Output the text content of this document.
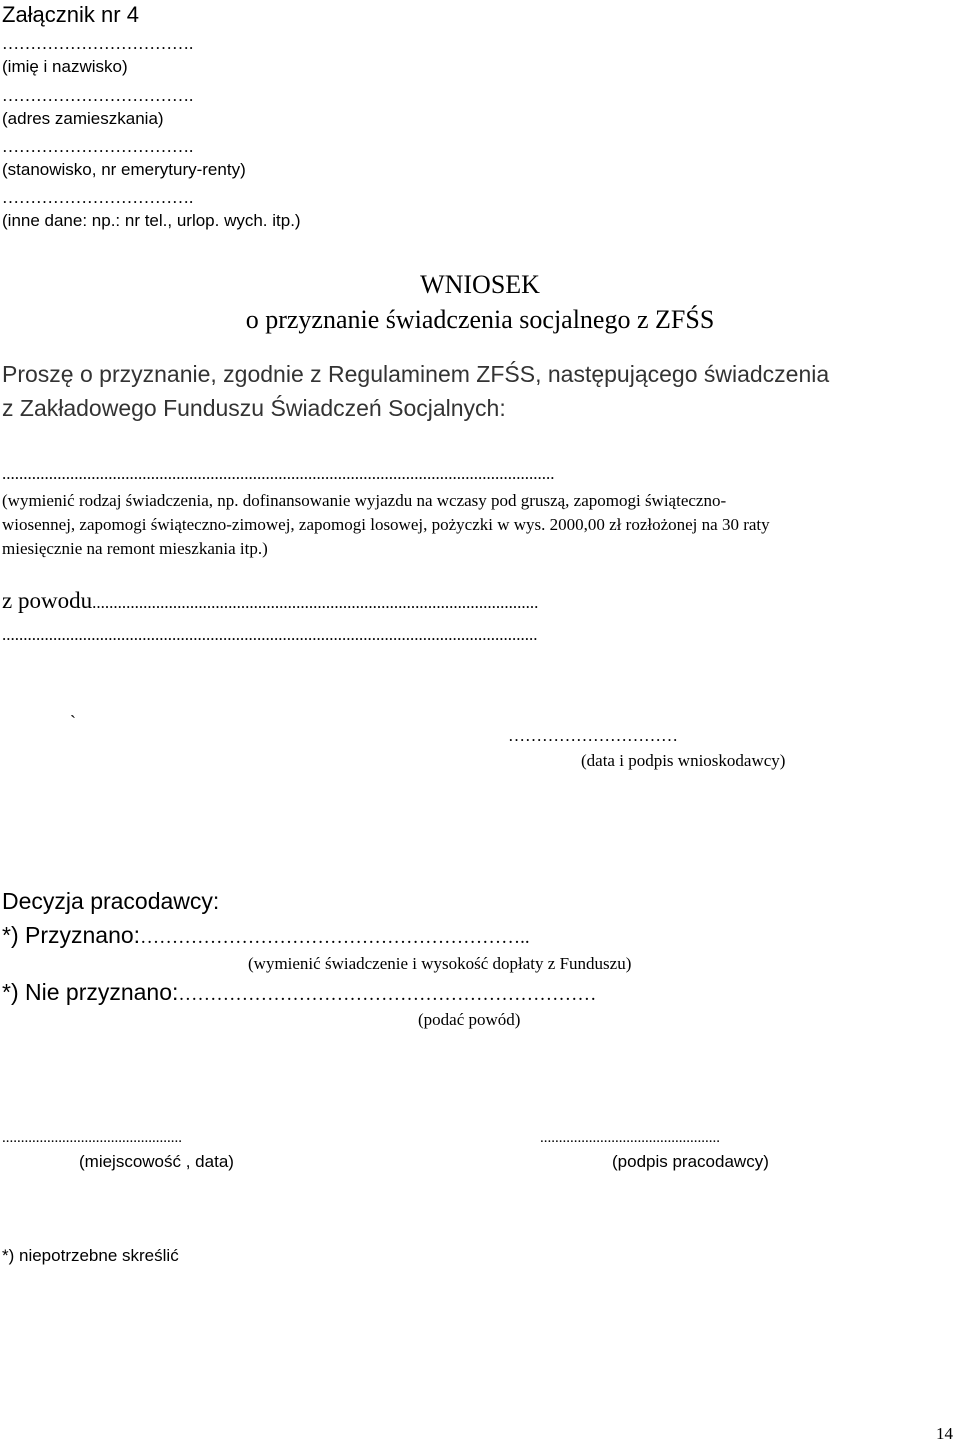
Załącznik nr 4
…………………………….
(imię i nazwisko)
…………………………….
(adres zamieszkania)
…………………………….
(stanowisko, nr emerytury-renty)
…………………………….
(inne dane: np.: nr tel., urlop. wych. itp.)
WNIOSEK
o przyznanie świadczenia socjalnego z ZFŚS
Proszę o przyznanie, zgodnie z Regulaminem ZFŚS, następującego świadczenia
z Zakładowego Funduszu Świadczeń Socjalnych:
..................................................................................................................................
(wymienić rodzaj świadczenia, np. dofinansowanie wyjazdu na wczasy pod gruszą, zapomogi świąteczno-
wiosennej, zapomogi świąteczno-zimowej, zapomogi losowej, pożyczki w wys. 2000,00 zł rozłożonej na 30 raty
miesięcznie na remont mieszkania itp.)
z powodu.........................................................................................................
..............................................................................................................................
`
…………………………
(data i podpis wnioskodawcy)
Decyzja pracodawcy:
*) Przyznano:……………………………………………………..
(wymienić świadczenie i wysokość dopłaty z Funduszu)
*) Nie przyznano:…………………………………………………………
(podać powód)
................................................
(miejscowość , data)
................................................
(podpis pracodawcy)
*) niepotrzebne skreślić
14
